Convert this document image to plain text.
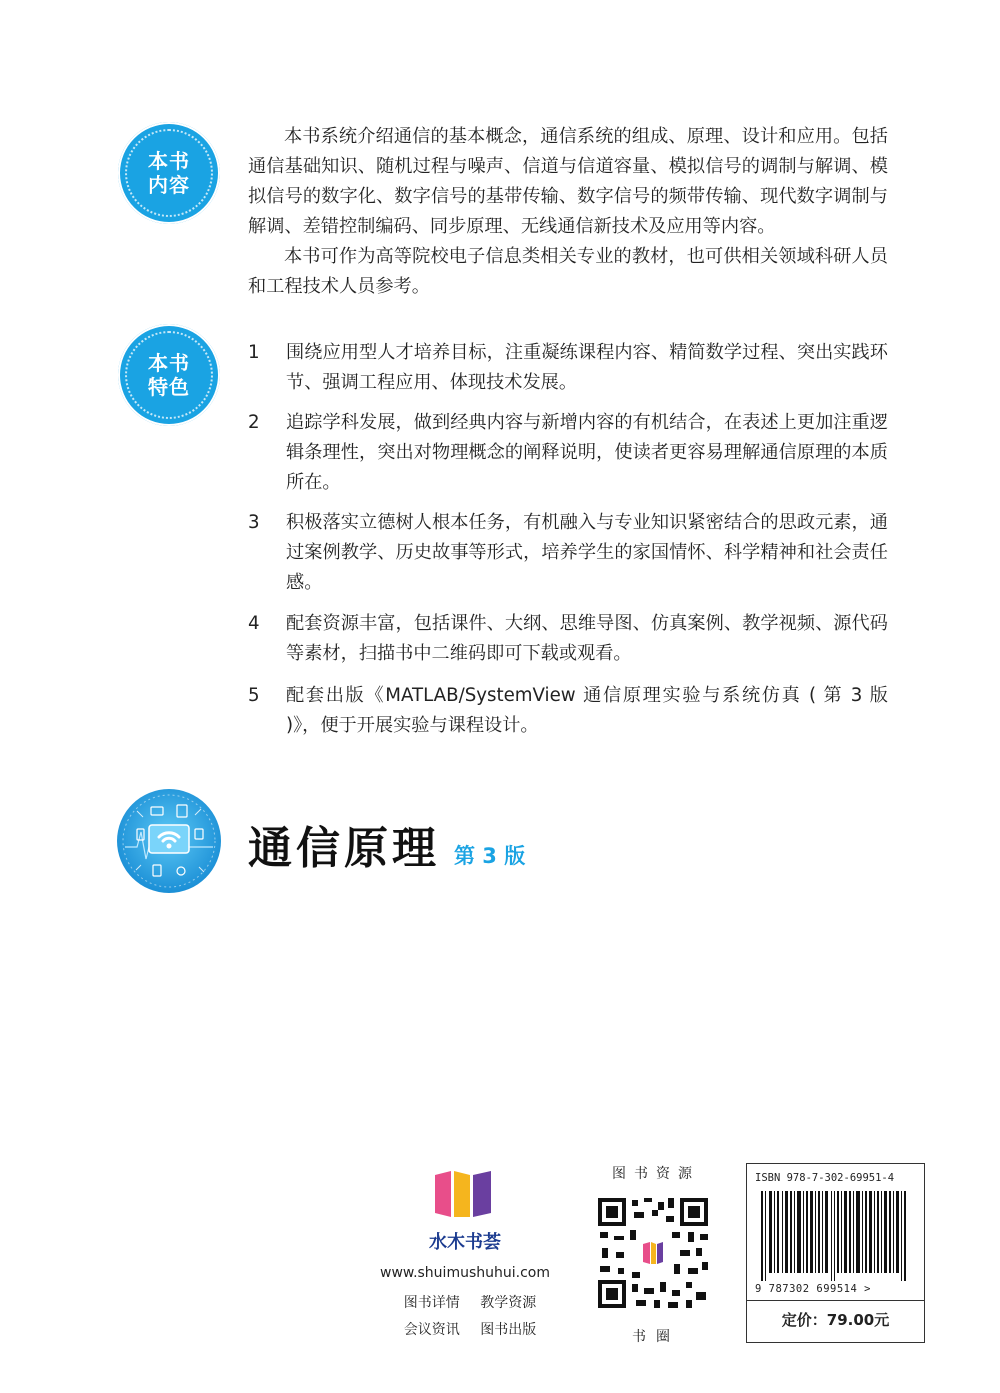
本书内容

本书系统介绍通信的基本概念，通信系统的组成、原理、设计和应用。包括通信基础知识、随机过程与噪声、信道与信道容量、模拟信号的调制与解调、模拟信号的数字化、数字信号的基带传输、数字信号的频带传输、现代数字调制与解调、差错控制编码、同步原理、无线通信新技术及应用等内容。

本书可作为高等院校电子信息类相关专业的教材，也可供相关领域科研人员和工程技术人员参考。

本书特色
1	围绕应用型人才培养目标，注重凝练课程内容、精简数学过程、突出实践环节、强调工程应用、体现技术发展。
2	追踪学科发展，做到经典内容与新增内容的有机结合，在表述上更加注重逻辑条理性，突出对物理概念的阐释说明，使读者更容易理解通信原理的本质所在。
3	积极落实立德树人根本任务，有机融入与专业知识紧密结合的思政元素，通过案例教学、历史故事等形式，培养学生的家国情怀、科学精神和社会责任感。
4	配套资源丰富，包括课件、大纲、思维导图、仿真案例、教学视频、源代码等素材，扫描书中二维码即可下载或观看。
5	配套出版《MATLAB/SystemView 通信原理实验与系统仿真 ( 第 3 版 )》，便于开展实验与课程设计。
通信原理 第 3 版
水木书荟
www.shuimushuhui.com
图书详情 教学资源
会议资讯 图书出版
图书资源
书圈
ISBN 978-7-302-69951-4
9 787302 699514 >
定价：79.00元
